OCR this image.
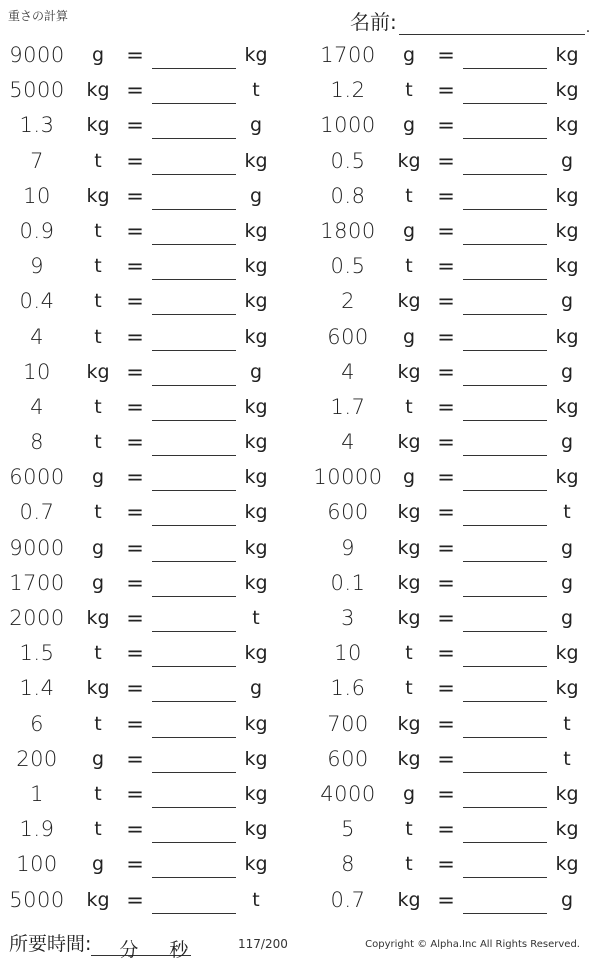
重さの計算	名前:	.
9000	g	=	kg	1700	g	=	kg
5000	kg =	t	1.2	t	=	kg
1.3	kg =	g	1000	g	=	kg
7	t	=	kg	0.5	kg =	g
10	kg =	g	0.8	t	=	kg
0.9	t	=	kg	1800	g	=	kg
9	t	=	kg	0.5	t	=	kg
0.4	t	=	kg	2	kg =	g
4	t	=	kg	600	g	=	kg
10	kg =	g	4	kg =	g
4	t	=	kg	1.7	t	=	kg
8	t	=	kg	4	kg =	g
6000	g	=	kg 10000	g	=	kg
0.7	t	=	kg	600	kg =	t
9000	g	=	kg	9	kg =	g
1700	g	=	kg	0.1	kg =	g
2000	kg =	t	3	kg =	g
1.5	t	=	kg	10	t	=	kg
1.4	kg =	g	1.6	t	=	kg
6	t	=	kg	700	kg =	t
200	g	=	kg	600	kg =	t
1	t	=	kg	4000	g	=	kg
1.9	t	=	kg	5	t	=	kg
100	g	=	kg	8	t	=	kg
5000	kg =	t	0.7	kg =	g
所要時間: 分 秒	117/200	Copyright © Alpha.Inc All Rights Reserved.
